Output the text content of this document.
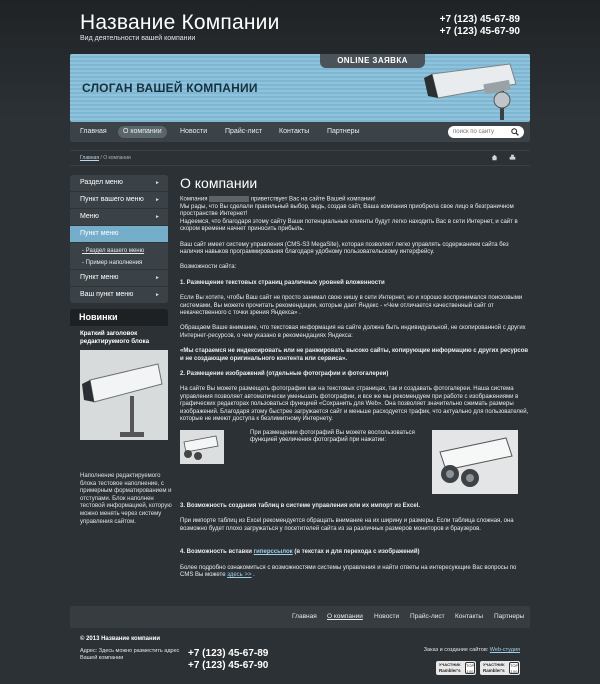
Название Компании
Вид деятельности вашей компании
+7 (123) 45-67-89
+7 (123) 45-67-90
ONLINE ЗАЯВКА
СЛОГАН ВАШЕЙ КОМПАНИИ
Главная	О компании	Новости	Прайс-лист	Контакты	Партнеры
поиск по сайту
Главная / О компании
Раздел меню	►
Пункт вашего меню ►
Меню	►
Пункт меню
- Раздел вашего меню
- Пример наполнения
Пункт меню	►
Ваш пункт меню	►
Новинки
Краткий заголовок редактируемого блока
Наполнение редактируемого блока тестовое наполнение, с примерным форматированием и отступами. Блок наполнен тестовой информацией, которую можно менять через систему управления сайтом.
О компании

Компания	приветствует Вас на сайте Вашей компании!
Мы рады, что Вы сделали правильный выбор, ведь, создав сайт, Ваша компания приобрела свое лицо в безграничном пространстве Интернет!
Надеемся, что благодаря этому сайту Ваши потенциальные клиенты будут легко находить Вас в сети Интернет, и сайт в скором времени начнет приносить прибыль.

Ваш сайт имеет систему управления (CMS-S3 MegaSite), которая позволяет легко управлять содержанием сайта без наличия навыков программирования благодаря удобному пользовательскому интерфейсу.

Возможности сайта:

1. Размещение текстовых страниц различных уровней вложенности

Если Вы хотите, чтобы Ваш сайт не просто занимал свою нишу в сети Интернет, но и хорошо воспринимался поисковыми системами, Вы можете прочитать рекомендации, которые дает Яндекс - «Чем отличается качественный сайт от некачественного с точки зрения Яндекса» .

Обращаем Ваше внимание, что текстовая информация на сайте должна быть индивидуальной, не скопированной с других Интернет-ресурсов, о чем указано в рекомендациях Яндекса:

«Мы стараемся не индексировать или не ранжировать высоко сайты, копирующие информацию с других ресурсов и не создающие оригинального контента или сервиса».

2. Размещение изображений (отдельные фотографии и фотогалереи)

На сайте Вы можете размещать фотографии как на текстовых страницах, так и создавать фотогалереи. Наша система управления позволяет автоматически уменьшать фотографии, и все же мы рекомендуем при работе с изображениями в графических редакторах пользоваться функцией «Сохранить для Web». Она позволяет значительно сжимать размеры изображений. Благодаря этому быстрее загружается сайт и меньше расходуется трафик, что актуально для пользователей, которые не имеют доступа к безлимитному Интернету.

При размещении фотографий Вы можете воспользоваться функцией увеличения фотографий при нажатии:

3. Возможность создания таблиц в системе управления или их импорт из Excel.

При импорте таблиц из Excel рекомендуется обращать внимание на их ширину и размеры. Если таблица сложная, она возможно будет плохо загружаться у посетителей сайта из за различных размеров мониторов и браузеров.

4. Возможность вставки гиперссылок (в текстах и для перехода с изображений)

Более подробно ознакомиться с возможностями системы управления и найти ответы на интересующие Вас вопросы по CMS Вы можете здесь >> .

Главная О компании Новости Прайс-лист Контакты Партнеры
© 2013 Название компании
Адрес: Здесь можно разместить адрес
Вашей компании	+7 (123) 45-67-89
+7 (123) 45-67-90
Заказ и создание сайтов: Web-студия
УЧАСТНИК
Rambler's
TOP 100
УЧАСТНИК
Rambler's
TOP 100
